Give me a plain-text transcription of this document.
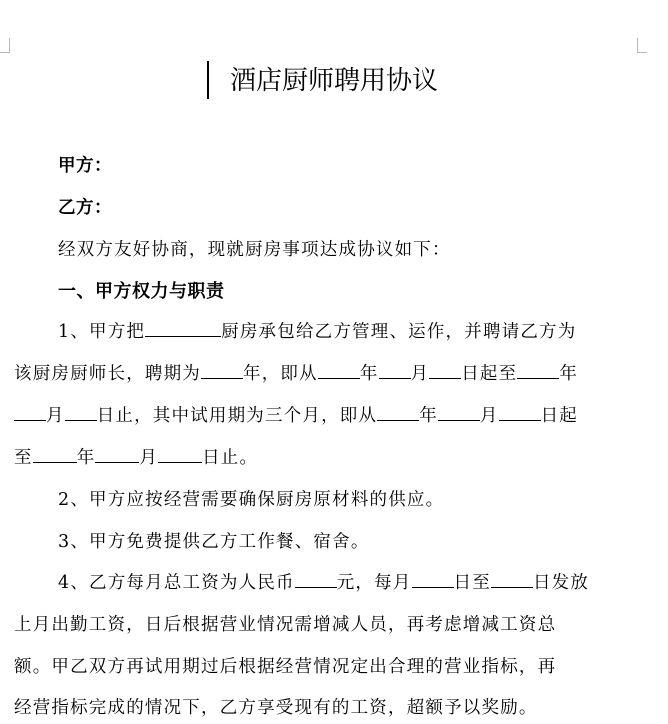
酒店厨师聘用协议
甲方：
乙方：
经双方友好协商，现就厨房事项达成协议如下：
一、甲方权力与职责
1、甲方把	厨房承包给乙方管理、运作，并聘请乙方为
该厨房厨师长，聘期为 年，即从 年 月 日起至 年
月 日止，其中试用期为三个月，即从 年 月 日起
至	年	月	日止。
2、甲方应按经营需要确保厨房原材料的供应。
3、甲方免费提供乙方工作餐、宿舍。
4、乙方每月总工资为人民币 元，每月 日至 日发放
上月出勤工资，日后根据营业情况需增减人员，再考虑增减工资总
额。甲乙双方再试用期过后根据经营情况定出合理的营业指标，再
经营指标完成的情况下，乙方享受现有的工资，超额予以奖励。
